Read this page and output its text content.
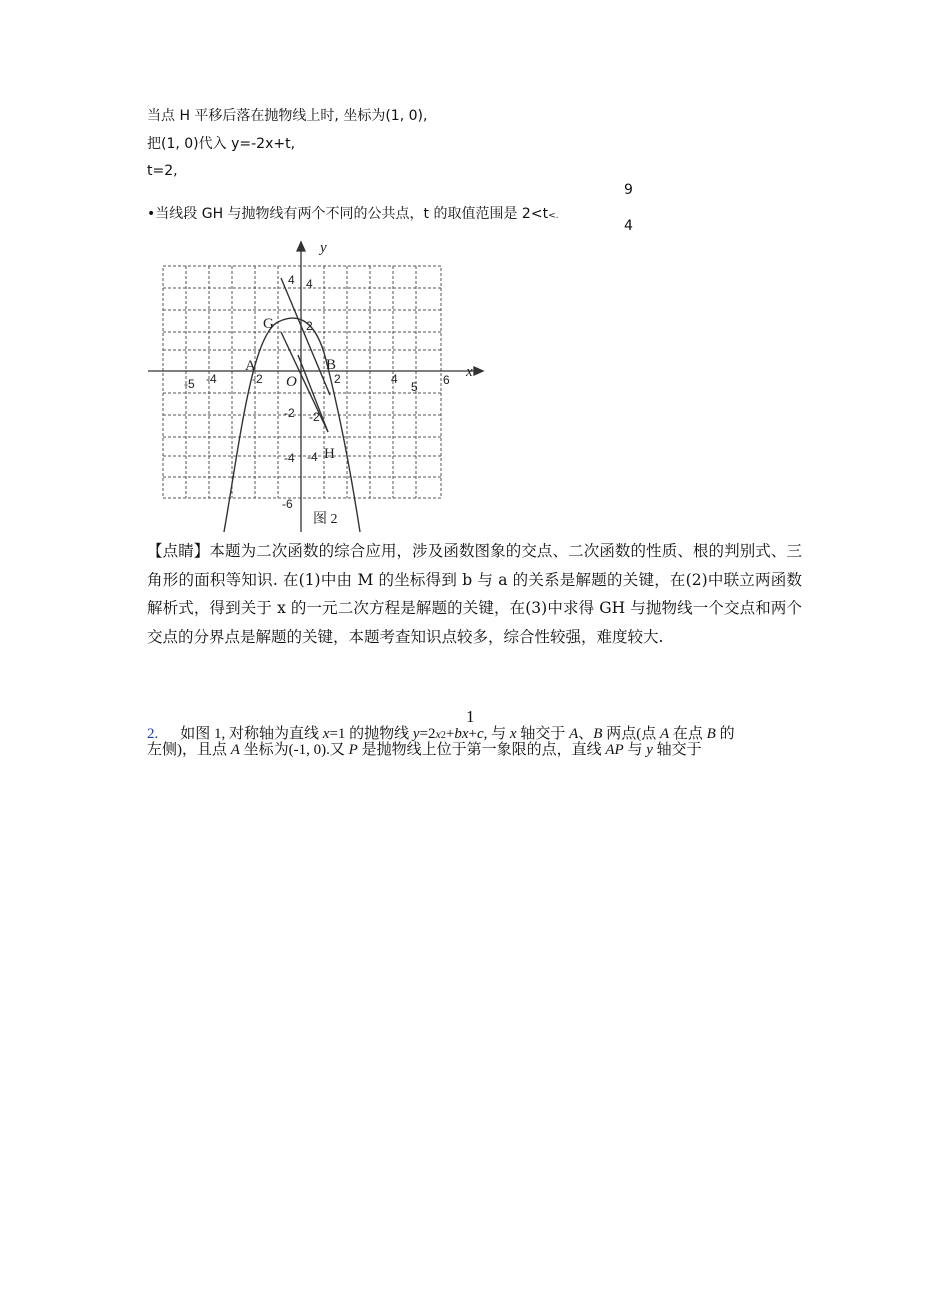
当点 H 平移后落在抛物线上时, 坐标为(1, 0),
把(1, 0)代入 y=-2x+t,
t=2,
•当线段 GH 与抛物线有两个不同的公共点，t 的取值范围是 2<t<.
9
4
y
x
O
A	B
G
H
图 2
-5 -4	-2	2	4
5 6
4 4
2
-2 -2
-4 -4
-6
【点睛】本题为二次函数的综合应用，涉及函数图象的交点、二次函数的性质、根的判别式、三角形的面积等知识. 在(1)中由 M 的坐标得到 b 与 a 的关系是解题的关键，在(2)中联立两函数解析式，得到关于 x 的一元二次方程是解题的关键，在(3)中求得 GH 与抛物线一个交点和两个交点的分界点是解题的关键，本题考查知识点较多，综合性较强，难度较大.
1
2. 如图 1, 对称轴为直线 x=1 的抛物线 y=2x2+bx+c, 与 x 轴交于 A、B 两点(点 A 在点 B 的
左侧)，且点 A 坐标为(-1, 0).又 P 是抛物线上位于第一象限的点，直线 AP 与 y 轴交于
